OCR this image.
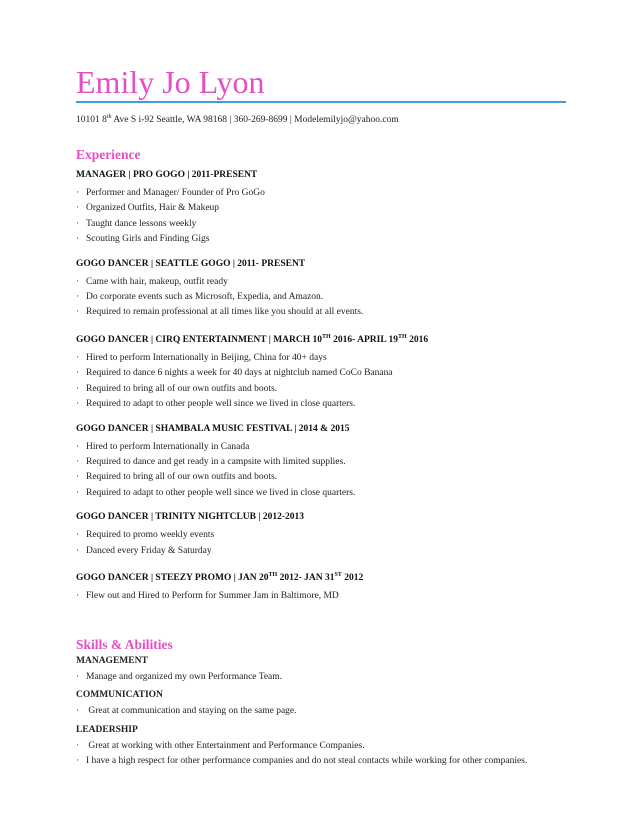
Emily Jo Lyon
10101 8th Ave S i-92 Seattle, WA 98168 | 360-269-8699 | Modelemilyjo@yahoo.com
Experience
MANAGER | PRO GOGO | 2011-PRESENT
· Performer and Manager/ Founder of Pro GoGo
· Organized Outfits, Hair & Makeup
· Taught dance lessons weekly
· Scouting Girls and Finding Gigs
GOGO DANCER | SEATTLE GOGO | 2011- PRESENT
· Came with hair, makeup, outfit ready
· Do corporate events such as Microsoft, Expedia, and Amazon.
· Required to remain professional at all times like you should at all events.
GOGO DANCER | CIRQ ENTERTAINMENT | MARCH 10TH 2016- APRIL 19TH 2016
· Hired to perform Internationally in Beijing, China for 40+ days
· Required to dance 6 nights a week for 40 days at nightclub named CoCo Banana
· Required to bring all of our own outfits and boots.
· Required to adapt to other people well since we lived in close quarters.
GOGO DANCER | SHAMBALA MUSIC FESTIVAL | 2014 & 2015
· Hired to perform Internationally in Canada
· Required to dance and get ready in a campsite with limited supplies.
· Required to bring all of our own outfits and boots.
· Required to adapt to other people well since we lived in close quarters.
GOGO DANCER | TRINITY NIGHTCLUB | 2012-2013
· Required to promo weekly events
· Danced every Friday & Saturday
GOGO DANCER | STEEZY PROMO | JAN 20TH 2012- JAN 31ST 2012
· Flew out and Hired to Perform for Summer Jam in Baltimore, MD
Skills & Abilities
MANAGEMENT
· Manage and organized my own Performance Team.
COMMUNICATION
· Great at communication and staying on the same page.
LEADERSHIP
· Great at working with other Entertainment and Performance Companies.
· I have a high respect for other performance companies and do not steal contacts while working for other companies.
